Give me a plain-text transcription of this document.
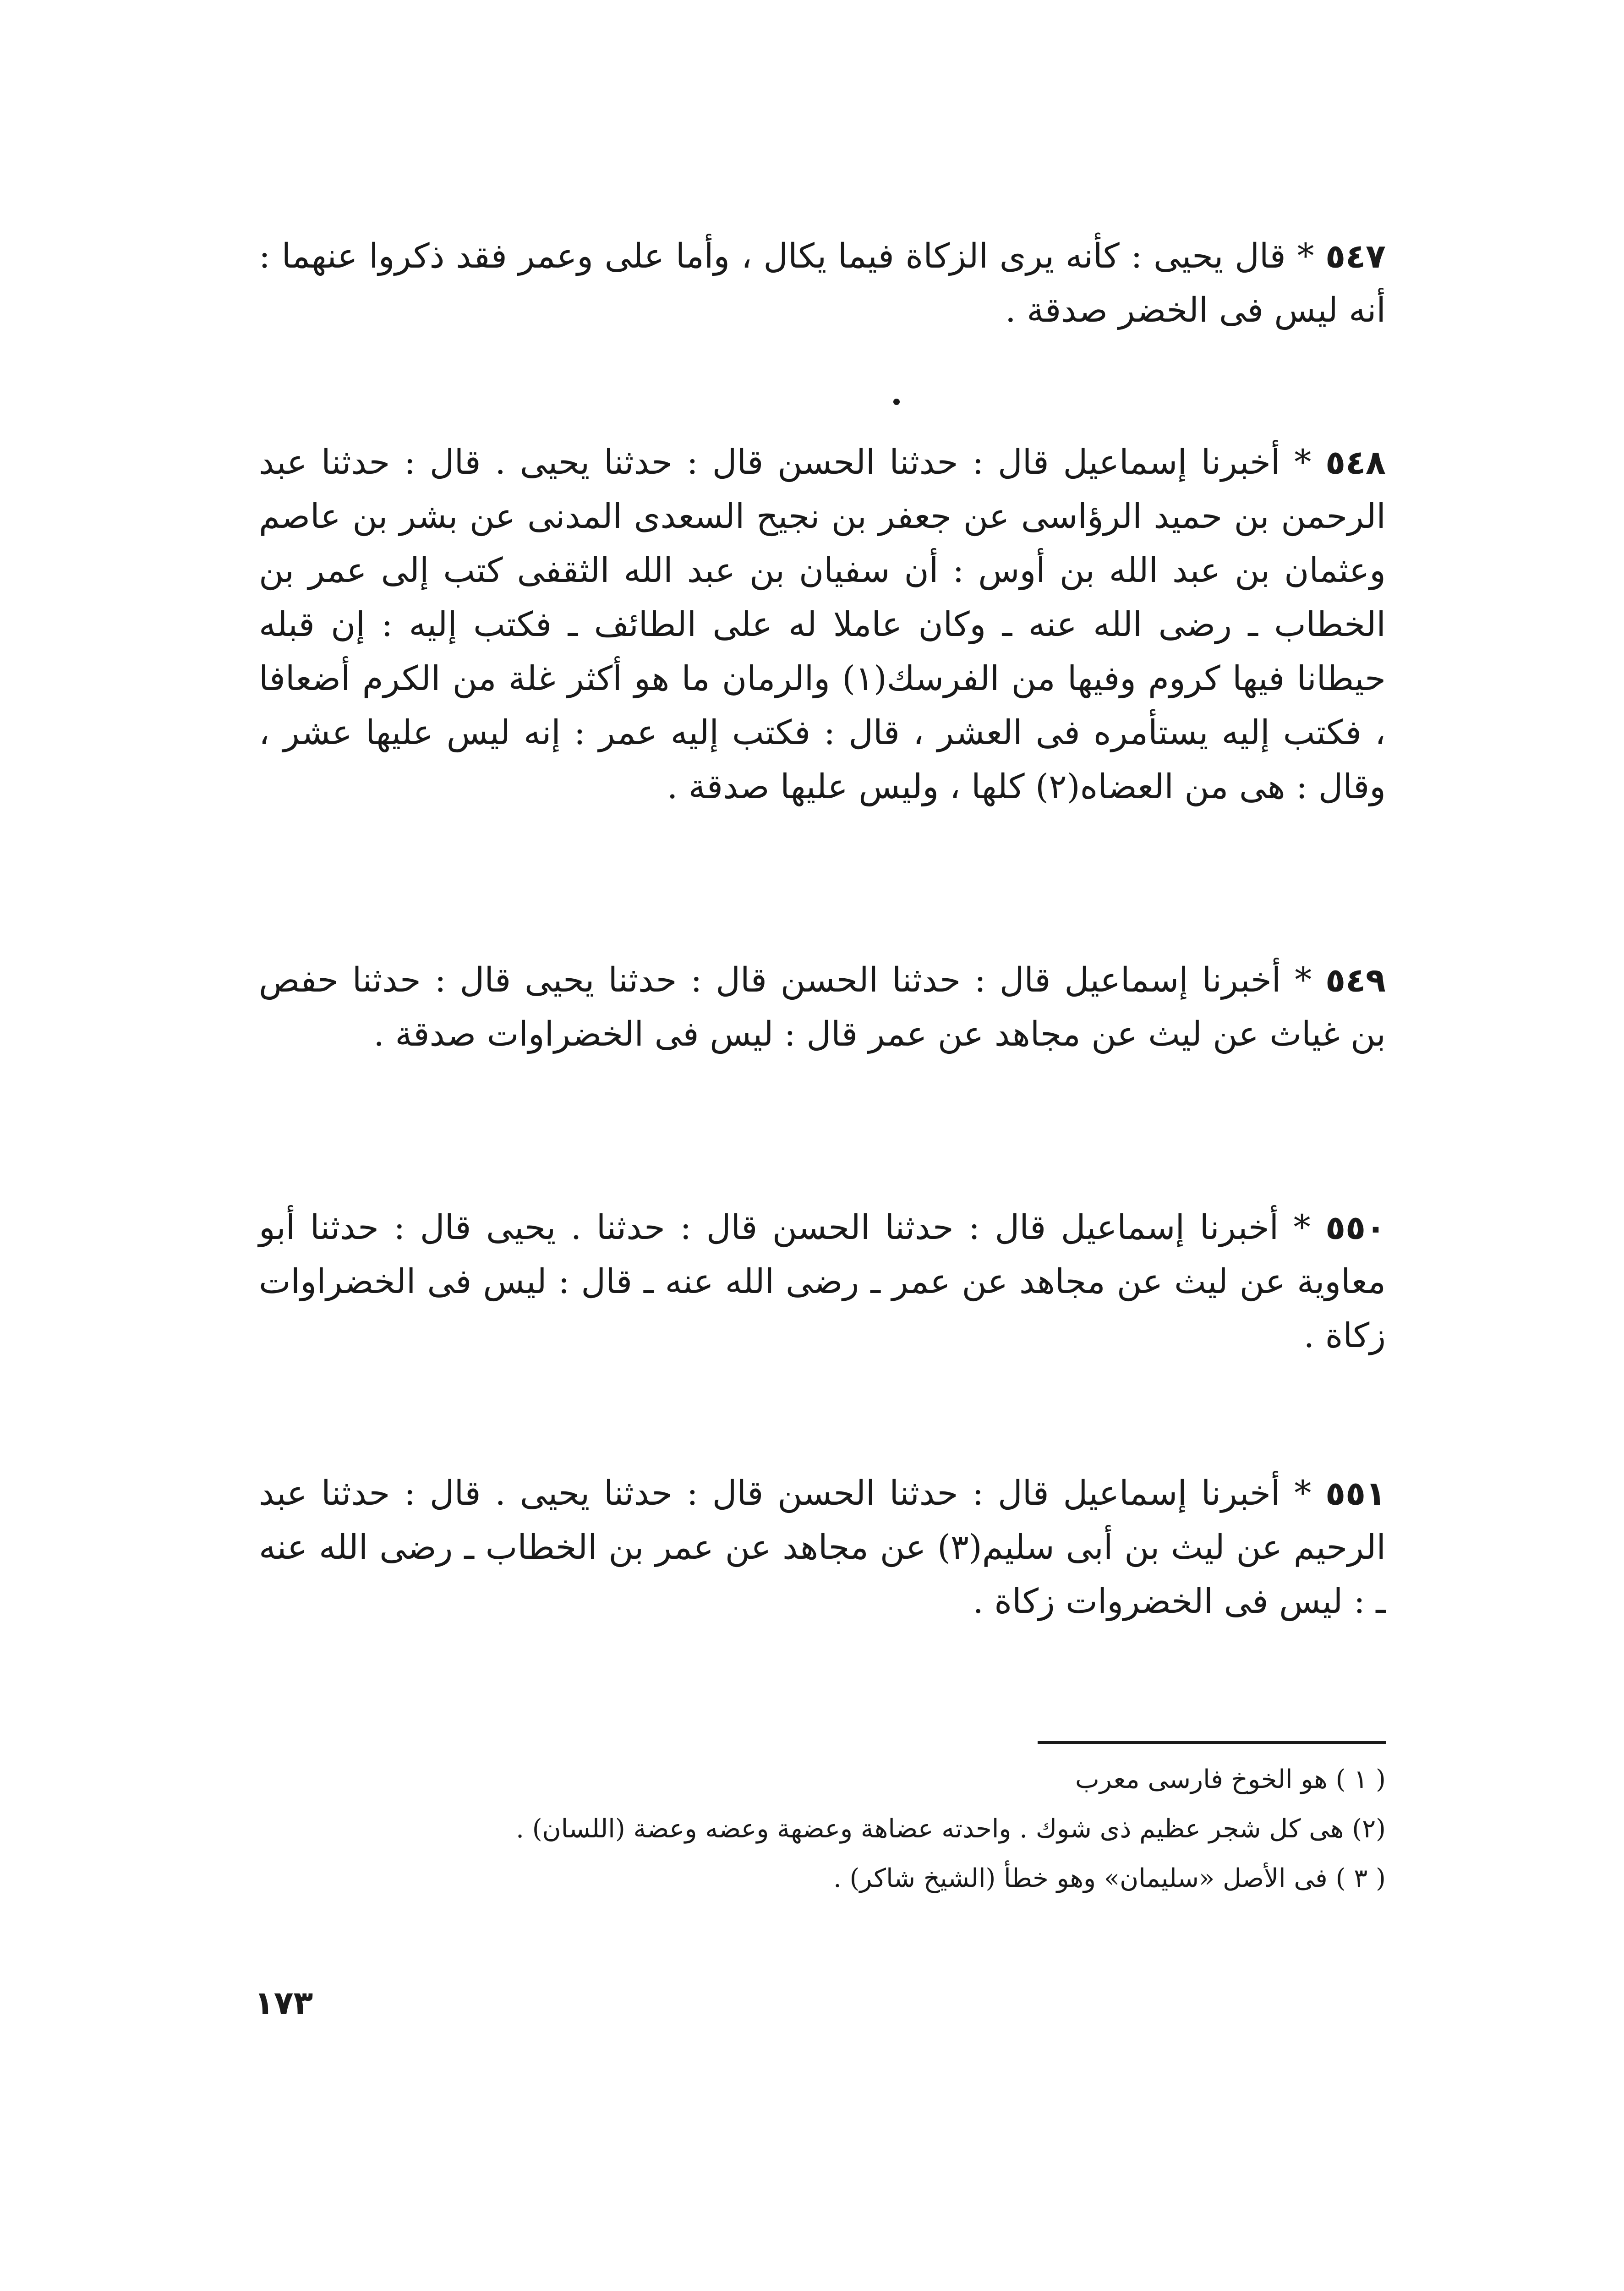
٥٤٧ * قال يحيى : كأنه يرى الزكاة فيما يكال ، وأما على وعمر فقد ذكروا عنهما : أنه ليس فى الخضر صدقة .

٥٤٨ * أخبرنا إسماعيل قال : حدثنا الحسن قال : حدثنا يحيى . قال : حدثنا عبد الرحمن بن حميد الرؤاسى عن جعفر بن نجيح السعدى المدنى عن بشر بن عاصم وعثمان بن عبد الله بن أوس : أن سفيان بن عبد الله الثقفى كتب إلى عمر بن الخطاب ـ رضى الله عنه ـ وكان عاملا له على الطائف ـ فكتب إليه : إن قبله حيطانا فيها كروم وفيها من الفرسك(١) والرمان ما هو أكثر غلة من الكرم أضعافا ، فكتب إليه يستأمره فى العشر ، قال : فكتب إليه عمر : إنه ليس عليها عشر ، وقال : هى من العضاه(٢) كلها ، وليس عليها صدقة .

٥٤٩ * أخبرنا إسماعيل قال : حدثنا الحسن قال : حدثنا يحيى قال : حدثنا حفص بن غياث عن ليث عن مجاهد عن عمر قال : ليس فى الخضراوات صدقة .

٥٥٠ * أخبرنا إسماعيل قال : حدثنا الحسن قال : حدثنا . يحيى قال : حدثنا أبو معاوية عن ليث عن مجاهد عن عمر ـ رضى الله عنه ـ قال : ليس فى الخضراوات زكاة .

٥٥١ * أخبرنا إسماعيل قال : حدثنا الحسن قال : حدثنا يحيى . قال : حدثنا عبد الرحيم عن ليث بن أبى سليم(٣) عن مجاهد عن عمر بن الخطاب ـ رضى الله عنه ـ : ليس فى الخضروات زكاة .

( ١ ) هو الخوخ فارسى معرب

(٢) هى كل شجر عظيم ذى شوك . واحدته عضاهة وعضهة وعضه وعضة (اللسان) .

( ٣ ) فى الأصل «سليمان» وهو خطأ (الشيخ شاكر) .

١٧٣
